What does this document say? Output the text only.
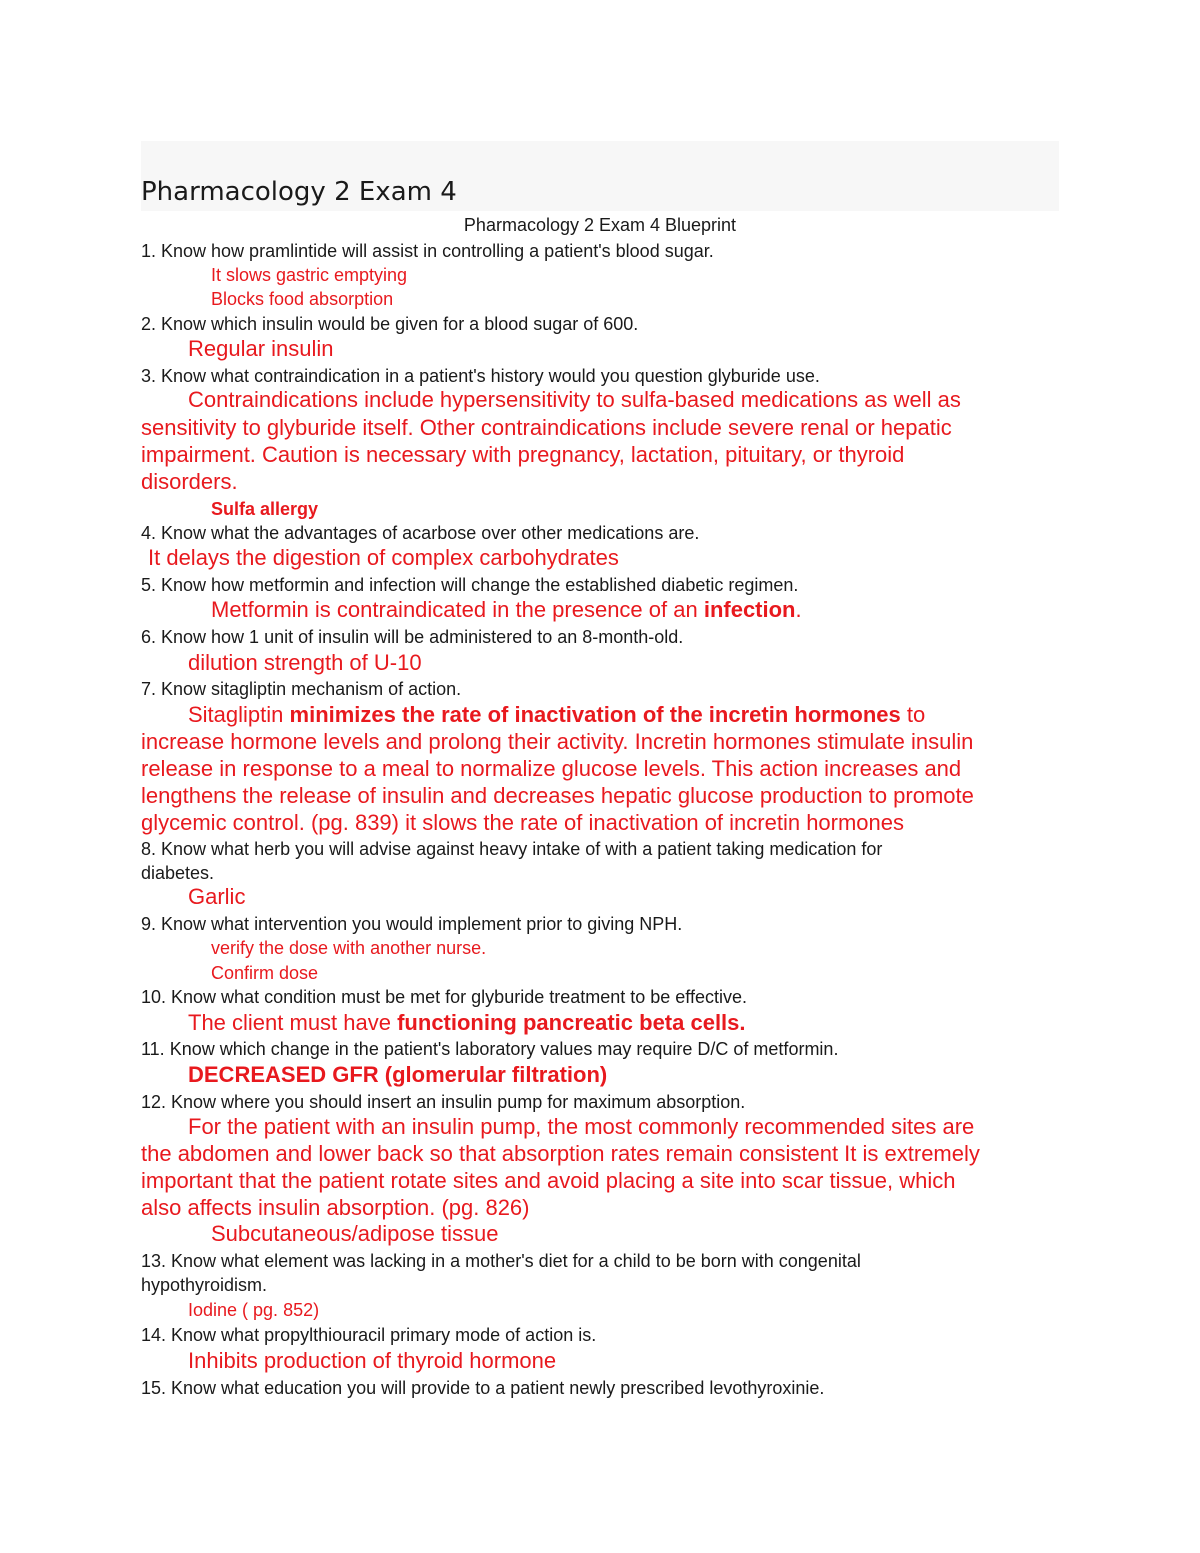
Pharmacology 2 Exam 4
Pharmacology 2 Exam 4 Blueprint
1. Know how pramlintide will assist in controlling a patient's blood sugar.
It slows gastric emptying
Blocks food absorption
2. Know which insulin would be given for a blood sugar of 600.
Regular insulin
3. Know what contraindication in a patient's history would you question glyburide use.
Contraindications include hypersensitivity to sulfa-based medications as well as
sensitivity to glyburide itself. Other contraindications include severe renal or hepatic
impairment. Caution is necessary with pregnancy, lactation, pituitary, or thyroid
disorders.
Sulfa allergy
4. Know what the advantages of acarbose over other medications are.
It delays the digestion of complex carbohydrates
5. Know how metformin and infection will change the established diabetic regimen.
Metformin is contraindicated in the presence of an infection.
6. Know how 1 unit of insulin will be administered to an 8-month-old.
dilution strength of U-10
7. Know sitagliptin mechanism of action.
Sitagliptin minimizes the rate of inactivation of the incretin hormones to
increase hormone levels and prolong their activity. Incretin hormones stimulate insulin
release in response to a meal to normalize glucose levels. This action increases and
lengthens the release of insulin and decreases hepatic glucose production to promote
glycemic control. (pg. 839) it slows the rate of inactivation of incretin hormones
8. Know what herb you will advise against heavy intake of with a patient taking medication for
diabetes.
Garlic
9. Know what intervention you would implement prior to giving NPH.
verify the dose with another nurse.
Confirm dose
10. Know what condition must be met for glyburide treatment to be effective.
The client must have functioning pancreatic beta cells.
11. Know which change in the patient's laboratory values may require D/C of metformin.
DECREASED GFR (glomerular filtration)
12. Know where you should insert an insulin pump for maximum absorption.
For the patient with an insulin pump, the most commonly recommended sites are
the abdomen and lower back so that absorption rates remain consistent It is extremely
important that the patient rotate sites and avoid placing a site into scar tissue, which
also affects insulin absorption. (pg. 826)
Subcutaneous/adipose tissue
13. Know what element was lacking in a mother's diet for a child to be born with congenital
hypothyroidism.
Iodine ( pg. 852)
14. Know what propylthiouracil primary mode of action is.
Inhibits production of thyroid hormone
15. Know what education you will provide to a patient newly prescribed levothyroxinie.
